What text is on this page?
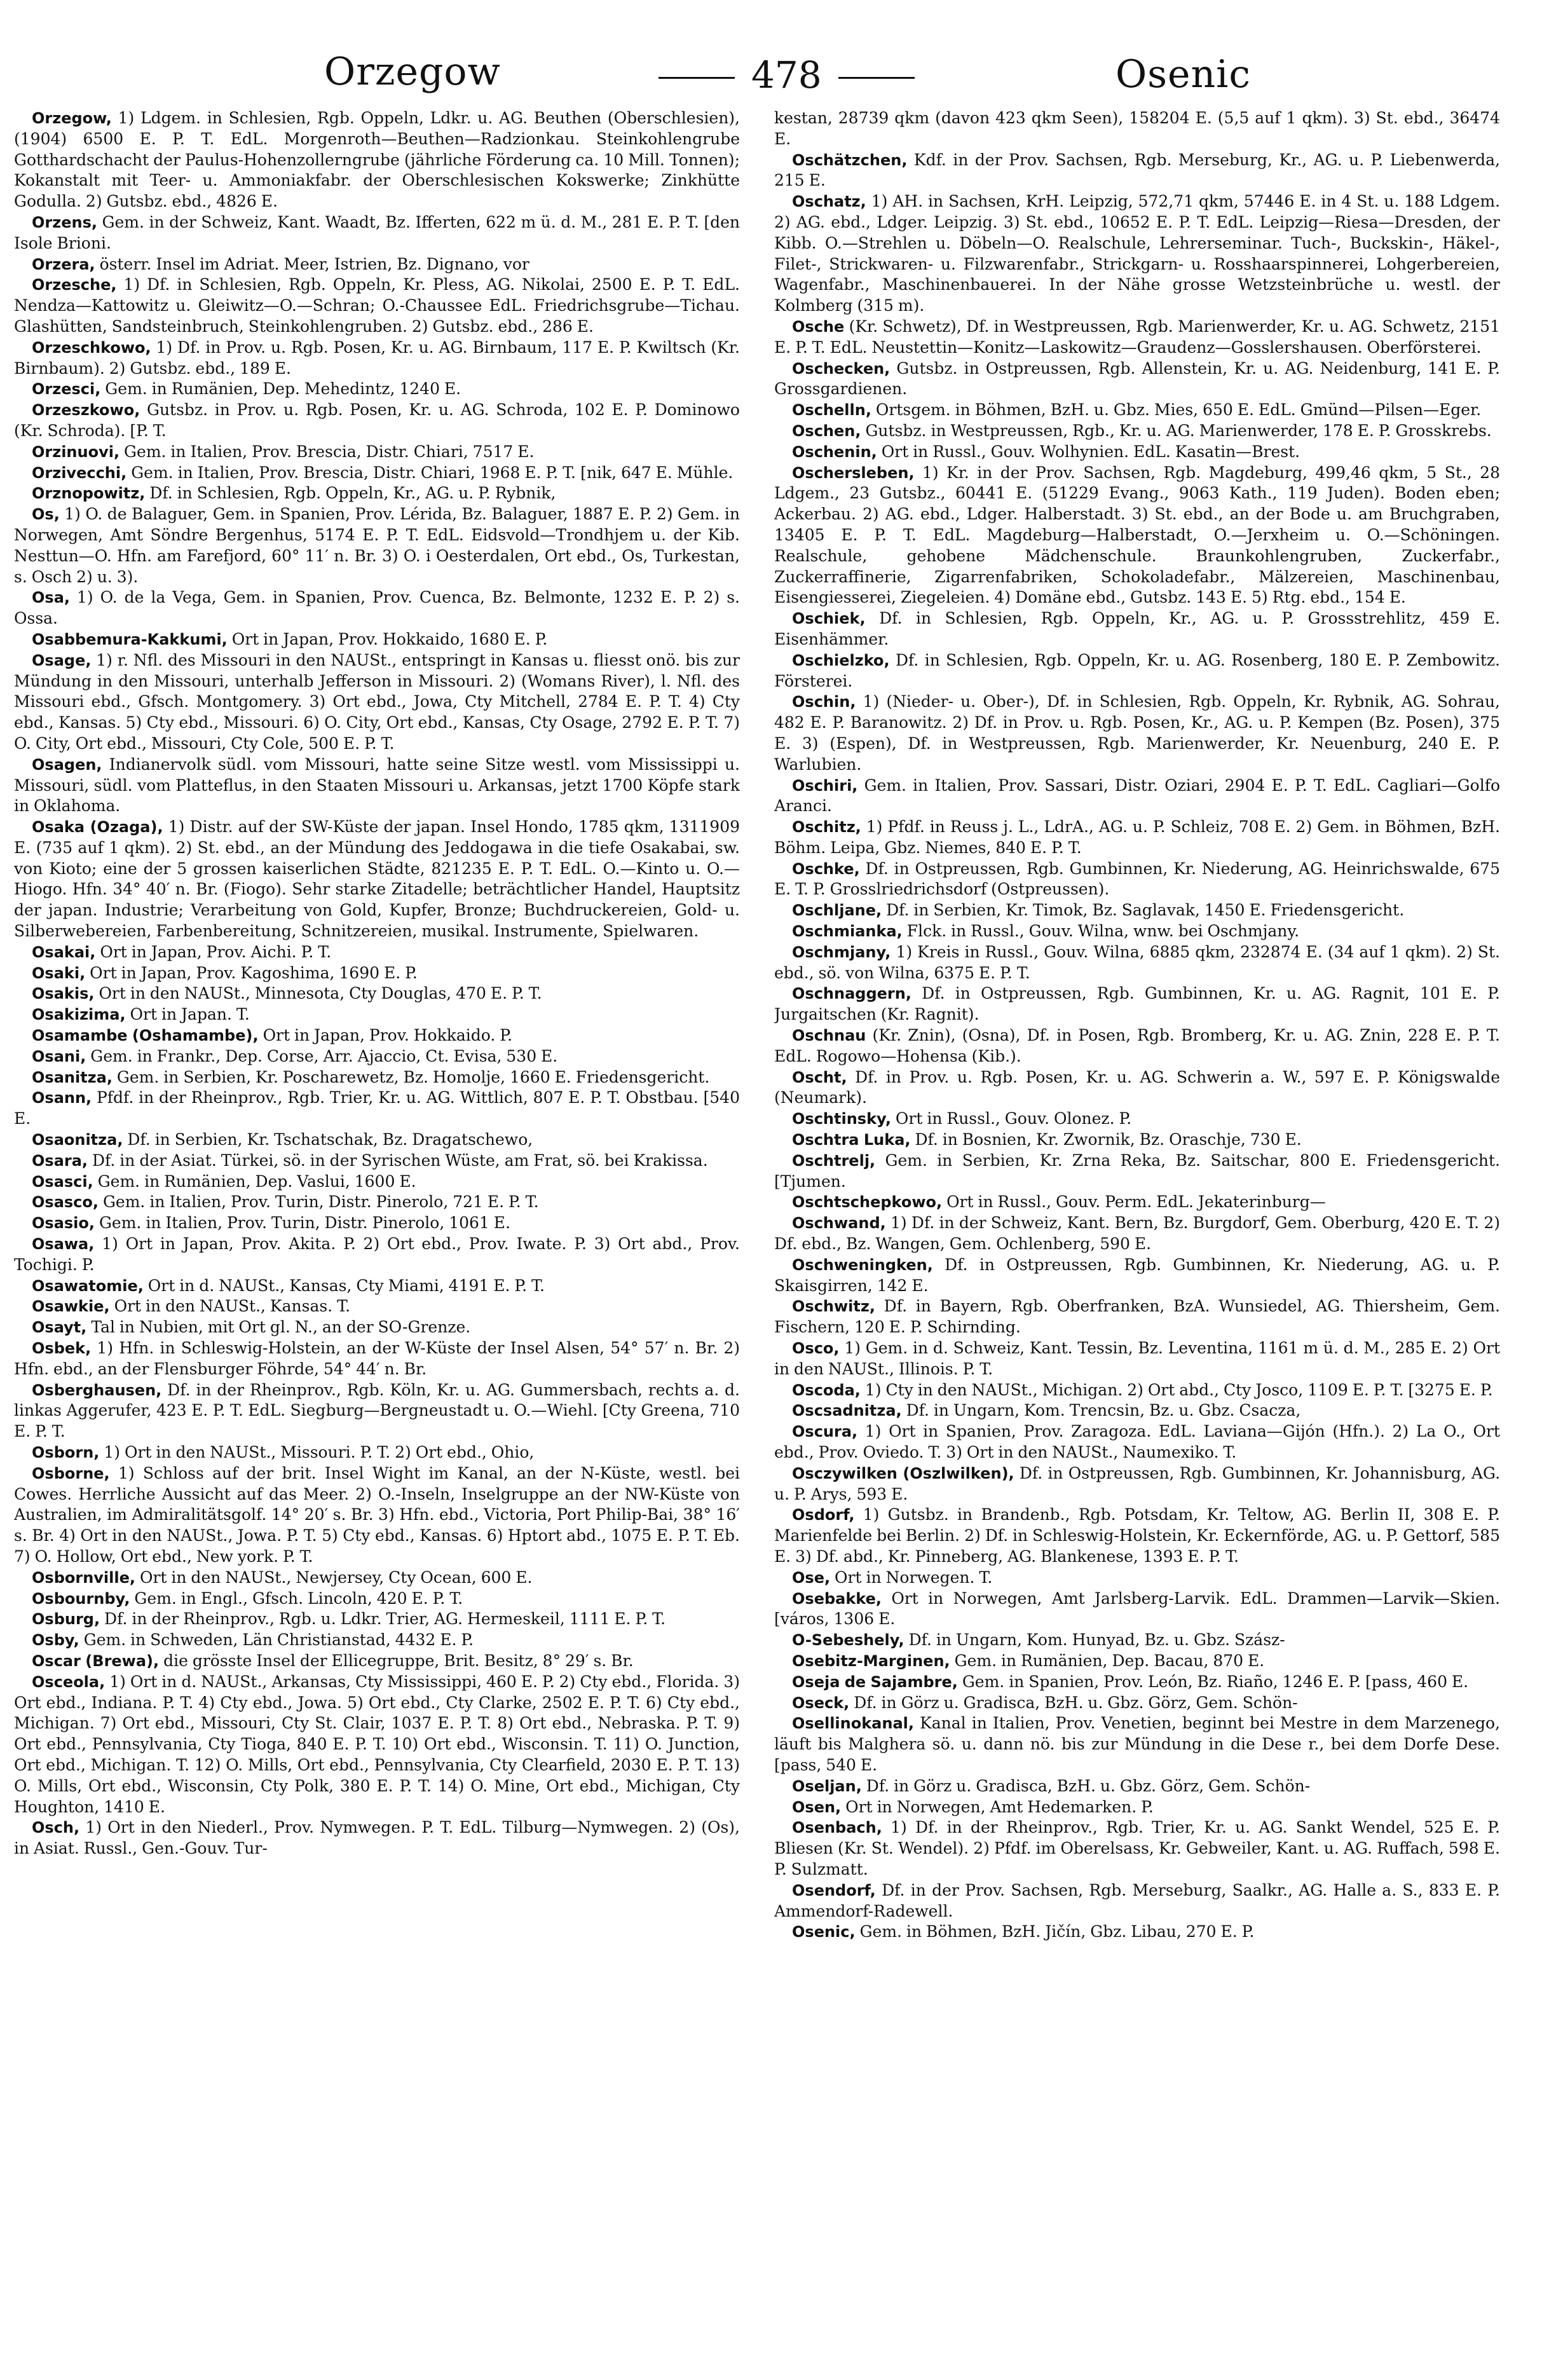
Orzegow	478	Osenic

Orzegow, 1) Ldgem. in Schlesien, Rgb. Oppeln, Ldkr. u. AG. Beuthen (Oberschlesien), (1904) 6500 E. P. T. EdL. Morgenroth—Beuthen—Radzionkau. Steinkohlengrube Gotthardschacht der Paulus-Hohenzollerngrube (jährliche Förderung ca. 10 Mill. Tonnen); Kokanstalt mit Teer- u. Ammoniakfabr. der Oberschlesischen Kokswerke; Zinkhütte Godulla. 2) Gutsbz. ebd., 4826 E.

Orzens, Gem. in der Schweiz, Kant. Waadt, Bz. Ifferten, 622 m ü. d. M., 281 E. P. T. [den Isole Brioni.

Orzera, österr. Insel im Adriat. Meer, Istrien, Bz. Dignano, vor

Orzesche, 1) Df. in Schlesien, Rgb. Oppeln, Kr. Pless, AG. Nikolai, 2500 E. P. T. EdL. Nendza—Kattowitz u. Gleiwitz—O.—Schran; O.-Chaussee EdL. Friedrichsgrube—Tichau. Glashütten, Sandsteinbruch, Steinkohlengruben. 2) Gutsbz. ebd., 286 E.

Orzeschkowo, 1) Df. in Prov. u. Rgb. Posen, Kr. u. AG. Birnbaum, 117 E. P. Kwiltsch (Kr. Birnbaum). 2) Gutsbz. ebd., 189 E.

Orzesci, Gem. in Rumänien, Dep. Mehedintz, 1240 E.

Orzeszkowo, Gutsbz. in Prov. u. Rgb. Posen, Kr. u. AG. Schroda, 102 E. P. Dominowo (Kr. Schroda). [P. T.

Orzinuovi, Gem. in Italien, Prov. Brescia, Distr. Chiari, 7517 E.

Orzivecchi, Gem. in Italien, Prov. Brescia, Distr. Chiari, 1968 E. P. T. [nik, 647 E. Mühle.

Orznopowitz, Df. in Schlesien, Rgb. Oppeln, Kr., AG. u. P. Rybnik,

Os, 1) O. de Balaguer, Gem. in Spanien, Prov. Lérida, Bz. Balaguer, 1887 E. P. 2) Gem. in Norwegen, Amt Söndre Bergenhus, 5174 E. P. T. EdL. Eidsvold—Trondhjem u. der Kib. Nesttun—O. Hfn. am Farefjord, 60° 11′ n. Br. 3) O. i Oesterdalen, Ort ebd., Os, Turkestan, s. Osch 2) u. 3).

Osa, 1) O. de la Vega, Gem. in Spanien, Prov. Cuenca, Bz. Belmonte, 1232 E. P. 2) s. Ossa.

Osabbemura-Kakkumi, Ort in Japan, Prov. Hokkaido, 1680 E. P.

Osage, 1) r. Nfl. des Missouri in den NAUSt., entspringt in Kansas u. fliesst onö. bis zur Mündung in den Missouri, unterhalb Jefferson in Missouri. 2) (Womans River), l. Nfl. des Missouri ebd., Gfsch. Montgomery. 3) Ort ebd., Jowa, Cty Mitchell, 2784 E. P. T. 4) Cty ebd., Kansas. 5) Cty ebd., Missouri. 6) O. City, Ort ebd., Kansas, Cty Osage, 2792 E. P. T. 7) O. City, Ort ebd., Missouri, Cty Cole, 500 E. P. T.

Osagen, Indianervolk südl. vom Missouri, hatte seine Sitze westl. vom Mississippi u. Missouri, südl. vom Platteflus, in den Staaten Missouri u. Arkansas, jetzt 1700 Köpfe stark in Oklahoma.

Osaka (Ozaga), 1) Distr. auf der SW-Küste der japan. Insel Hondo, 1785 qkm, 1311909 E. (735 auf 1 qkm). 2) St. ebd., an der Mündung des Jeddogawa in die tiefe Osakabai, sw. von Kioto; eine der 5 grossen kaiserlichen Städte, 821235 E. P. T. EdL. O.—Kinto u. O.—Hiogo. Hfn. 34° 40′ n. Br. (Fiogo). Sehr starke Zitadelle; beträchtlicher Handel, Hauptsitz der japan. Industrie; Verarbeitung von Gold, Kupfer, Bronze; Buchdruckereien, Gold- u. Silberwebereien, Farbenbereitung, Schnitzereien, musikal. Instrumente, Spielwaren.

Osakai, Ort in Japan, Prov. Aichi. P. T.

Osaki, Ort in Japan, Prov. Kagoshima, 1690 E. P.

Osakis, Ort in den NAUSt., Minnesota, Cty Douglas, 470 E. P. T.

Osakizima, Ort in Japan. T.

Osamambe (Oshamambe), Ort in Japan, Prov. Hokkaido. P.

Osani, Gem. in Frankr., Dep. Corse, Arr. Ajaccio, Ct. Evisa, 530 E.

Osanitza, Gem. in Serbien, Kr. Poscharewetz, Bz. Homolje, 1660 E. Friedensgericht.

Osann, Pfdf. in der Rheinprov., Rgb. Trier, Kr. u. AG. Wittlich, 807 E. P. T. Obstbau. [540 E.

Osaonitza, Df. in Serbien, Kr. Tschatschak, Bz. Dragatschewo,

Osara, Df. in der Asiat. Türkei, sö. in der Syrischen Wüste, am Frat, sö. bei Krakissa.

Osasci, Gem. in Rumänien, Dep. Vaslui, 1600 E.

Osasco, Gem. in Italien, Prov. Turin, Distr. Pinerolo, 721 E. P. T.

Osasio, Gem. in Italien, Prov. Turin, Distr. Pinerolo, 1061 E.

Osawa, 1) Ort in Japan, Prov. Akita. P. 2) Ort ebd., Prov. Iwate. P. 3) Ort abd., Prov. Tochigi. P.

Osawatomie, Ort in d. NAUSt., Kansas, Cty Miami, 4191 E. P. T.

Osawkie, Ort in den NAUSt., Kansas. T.

Osayt, Tal in Nubien, mit Ort gl. N., an der SO-Grenze.

Osbek, 1) Hfn. in Schleswig-Holstein, an der W-Küste der Insel Alsen, 54° 57′ n. Br. 2) Hfn. ebd., an der Flensburger Föhrde, 54° 44′ n. Br.

Osberghausen, Df. in der Rheinprov., Rgb. Köln, Kr. u. AG. Gummersbach, rechts a. d. linkas Aggerufer, 423 E. P. T. EdL. Siegburg—Bergneustadt u. O.—Wiehl. [Cty Greena, 710 E. P. T.

Osborn, 1) Ort in den NAUSt., Missouri. P. T. 2) Ort ebd., Ohio,

Osborne, 1) Schloss auf der brit. Insel Wight im Kanal, an der N-Küste, westl. bei Cowes. Herrliche Aussicht auf das Meer. 2) O.-Inseln, Inselgruppe an der NW-Küste von Australien, im Admiralitätsgolf. 14° 20′ s. Br. 3) Hfn. ebd., Victoria, Port Philip-Bai, 38° 16′ s. Br. 4) Ort in den NAUSt., Jowa. P. T. 5) Cty ebd., Kansas. 6) Hptort abd., 1075 E. P. T. Eb. 7) O. Hollow, Ort ebd., New york. P. T.

Osbornville, Ort in den NAUSt., Newjersey, Cty Ocean, 600 E.

Osbournby, Gem. in Engl., Gfsch. Lincoln, 420 E. P. T.

Osburg, Df. in der Rheinprov., Rgb. u. Ldkr. Trier, AG. Hermeskeil, 1111 E. P. T.

Osby, Gem. in Schweden, Län Christianstad, 4432 E. P.

Oscar (Brewa), die grösste Insel der Ellicegruppe, Brit. Besitz, 8° 29′ s. Br.

Osceola, 1) Ort in d. NAUSt., Arkansas, Cty Mississippi, 460 E. P. 2) Cty ebd., Florida. 3) Ort ebd., Indiana. P. T. 4) Cty ebd., Jowa. 5) Ort ebd., Cty Clarke, 2502 E. P. T. 6) Cty ebd., Michigan. 7) Ort ebd., Missouri, Cty St. Clair, 1037 E. P. T. 8) Ort ebd., Nebraska. P. T. 9) Ort ebd., Pennsylvania, Cty Tioga, 840 E. P. T. 10) Ort ebd., Wisconsin. T. 11) O. Junction, Ort ebd., Michigan. T. 12) O. Mills, Ort ebd., Pennsylvania, Cty Clearfield, 2030 E. P. T. 13) O. Mills, Ort ebd., Wisconsin, Cty Polk, 380 E. P. T. 14) O. Mine, Ort ebd., Michigan, Cty Houghton, 1410 E.

Osch, 1) Ort in den Niederl., Prov. Nymwegen. P. T. EdL. Tilburg—Nymwegen. 2) (Os), in Asiat. Russl., Gen.-Gouv. Tur-

kestan, 28739 qkm (davon 423 qkm Seen), 158204 E. (5,5 auf 1 qkm). 3) St. ebd., 36474 E.

Oschätzchen, Kdf. in der Prov. Sachsen, Rgb. Merseburg, Kr., AG. u. P. Liebenwerda, 215 E.

Oschatz, 1) AH. in Sachsen, KrH. Leipzig, 572,71 qkm, 57446 E. in 4 St. u. 188 Ldgem. 2) AG. ebd., Ldger. Leipzig. 3) St. ebd., 10652 E. P. T. EdL. Leipzig—Riesa—Dresden, der Kibb. O.—Strehlen u. Döbeln—O. Realschule, Lehrerseminar. Tuch-, Buckskin-, Häkel-, Filet-, Strickwaren- u. Filzwarenfabr., Strickgarn- u. Rosshaarspinnerei, Lohgerbereien, Wagenfabr., Maschinenbauerei. In der Nähe grosse Wetzsteinbrüche u. westl. der Kolmberg (315 m).

Osche (Kr. Schwetz), Df. in Westpreussen, Rgb. Marienwerder, Kr. u. AG. Schwetz, 2151 E. P. T. EdL. Neustettin—Konitz—Laskowitz—Graudenz—Gosslershausen. Oberförsterei.

Oschecken, Gutsbz. in Ostpreussen, Rgb. Allenstein, Kr. u. AG. Neidenburg, 141 E. P. Grossgardienen.

Oschelln, Ortsgem. in Böhmen, BzH. u. Gbz. Mies, 650 E. EdL. Gmünd—Pilsen—Eger.

Oschen, Gutsbz. in Westpreussen, Rgb., Kr. u. AG. Marienwerder, 178 E. P. Grosskrebs.

Oschenin, Ort in Russl., Gouv. Wolhynien. EdL. Kasatin—Brest.

Oschersleben, 1) Kr. in der Prov. Sachsen, Rgb. Magdeburg, 499,46 qkm, 5 St., 28 Ldgem., 23 Gutsbz., 60441 E. (51229 Evang., 9063 Kath., 119 Juden). Boden eben; Ackerbau. 2) AG. ebd., Ldger. Halberstadt. 3) St. ebd., an der Bode u. am Bruchgraben, 13405 E. P. T. EdL. Magdeburg—Halberstadt, O.—Jerxheim u. O.—Schöningen. Realschule, gehobene Mädchenschule. Braunkohlengruben, Zuckerfabr., Zuckerraffinerie, Zigarrenfabriken, Schokoladefabr., Mälzereien, Maschinenbau, Eisengiesserei, Ziegeleien. 4) Domäne ebd., Gutsbz. 143 E. 5) Rtg. ebd., 154 E.

Oschiek, Df. in Schlesien, Rgb. Oppeln, Kr., AG. u. P. Grossstrehlitz, 459 E. Eisenhämmer.

Oschielzko, Df. in Schlesien, Rgb. Oppeln, Kr. u. AG. Rosenberg, 180 E. P. Zembowitz. Försterei.

Oschin, 1) (Nieder- u. Ober-), Df. in Schlesien, Rgb. Oppeln, Kr. Rybnik, AG. Sohrau, 482 E. P. Baranowitz. 2) Df. in Prov. u. Rgb. Posen, Kr., AG. u. P. Kempen (Bz. Posen), 375 E. 3) (Espen), Df. in Westpreussen, Rgb. Marienwerder, Kr. Neuenburg, 240 E. P. Warlubien.

Oschiri, Gem. in Italien, Prov. Sassari, Distr. Oziari, 2904 E. P. T. EdL. Cagliari—Golfo Aranci.

Oschitz, 1) Pfdf. in Reuss j. L., LdrA., AG. u. P. Schleiz, 708 E. 2) Gem. in Böhmen, BzH. Böhm. Leipa, Gbz. Niemes, 840 E. P. T.

Oschke, Df. in Ostpreussen, Rgb. Gumbinnen, Kr. Niederung, AG. Heinrichswalde, 675 E. T. P. Grosslriedrichsdorf (Ostpreussen).

Oschljane, Df. in Serbien, Kr. Timok, Bz. Saglavak, 1450 E. Friedensgericht.

Oschmianka, Flck. in Russl., Gouv. Wilna, wnw. bei Oschmjany.

Oschmjany, 1) Kreis in Russl., Gouv. Wilna, 6885 qkm, 232874 E. (34 auf 1 qkm). 2) St. ebd., sö. von Wilna, 6375 E. P. T.

Oschnaggern, Df. in Ostpreussen, Rgb. Gumbinnen, Kr. u. AG. Ragnit, 101 E. P. Jurgaitschen (Kr. Ragnit).

Oschnau (Kr. Znin), (Osna), Df. in Posen, Rgb. Bromberg, Kr. u. AG. Znin, 228 E. P. T. EdL. Rogowo—Hohensa (Kib.).

Oscht, Df. in Prov. u. Rgb. Posen, Kr. u. AG. Schwerin a. W., 597 E. P. Königswalde (Neumark).

Oschtinsky, Ort in Russl., Gouv. Olonez. P.

Oschtra Luka, Df. in Bosnien, Kr. Zwornik, Bz. Oraschje, 730 E.

Oschtrelj, Gem. in Serbien, Kr. Zrna Reka, Bz. Saitschar, 800 E. Friedensgericht. [Tjumen.

Oschtschepkowo, Ort in Russl., Gouv. Perm. EdL. Jekaterinburg—

Oschwand, 1) Df. in der Schweiz, Kant. Bern, Bz. Burgdorf, Gem. Oberburg, 420 E. T. 2) Df. ebd., Bz. Wangen, Gem. Ochlenberg, 590 E.

Oschweningken, Df. in Ostpreussen, Rgb. Gumbinnen, Kr. Niederung, AG. u. P. Skaisgirren, 142 E.

Oschwitz, Df. in Bayern, Rgb. Oberfranken, BzA. Wunsiedel, AG. Thiersheim, Gem. Fischern, 120 E. P. Schirnding.

Osco, 1) Gem. in d. Schweiz, Kant. Tessin, Bz. Leventina, 1161 m ü. d. M., 285 E. 2) Ort in den NAUSt., Illinois. P. T.

Oscoda, 1) Cty in den NAUSt., Michigan. 2) Ort abd., Cty Josco, 1109 E. P. T. [3275 E. P.

Oscsadnitza, Df. in Ungarn, Kom. Trencsin, Bz. u. Gbz. Csacza,

Oscura, 1) Ort in Spanien, Prov. Zaragoza. EdL. Laviana—Gijón (Hfn.). 2) La O., Ort ebd., Prov. Oviedo. T. 3) Ort in den NAUSt., Naumexiko. T.

Osczywilken (Oszlwilken), Df. in Ostpreussen, Rgb. Gumbinnen, Kr. Johannisburg, AG. u. P. Arys, 593 E.

Osdorf, 1) Gutsbz. in Brandenb., Rgb. Potsdam, Kr. Teltow, AG. Berlin II, 308 E. P. Marienfelde bei Berlin. 2) Df. in Schleswig-Holstein, Kr. Eckernförde, AG. u. P. Gettorf, 585 E. 3) Df. abd., Kr. Pinneberg, AG. Blankenese, 1393 E. P. T.

Ose, Ort in Norwegen. T.

Osebakke, Ort in Norwegen, Amt Jarlsberg-Larvik. EdL. Drammen—Larvik—Skien. [város, 1306 E.

O-Sebeshely, Df. in Ungarn, Kom. Hunyad, Bz. u. Gbz. Szász-

Osebitz-Marginen, Gem. in Rumänien, Dep. Bacau, 870 E.

Oseja de Sajambre, Gem. in Spanien, Prov. León, Bz. Riaño, 1246 E. P. [pass, 460 E.

Oseck, Df. in Görz u. Gradisca, BzH. u. Gbz. Görz, Gem. Schön-

Osellinokanal, Kanal in Italien, Prov. Venetien, beginnt bei Mestre in dem Marzenego, läuft bis Malghera sö. u. dann nö. bis zur Mündung in die Dese r., bei dem Dorfe Dese. [pass, 540 E.

Oseljan, Df. in Görz u. Gradisca, BzH. u. Gbz. Görz, Gem. Schön-

Osen, Ort in Norwegen, Amt Hedemarken. P.

Osenbach, 1) Df. in der Rheinprov., Rgb. Trier, Kr. u. AG. Sankt Wendel, 525 E. P. Bliesen (Kr. St. Wendel). 2) Pfdf. im Oberelsass, Kr. Gebweiler, Kant. u. AG. Ruffach, 598 E. P. Sulzmatt.

Osendorf, Df. in der Prov. Sachsen, Rgb. Merseburg, Saalkr., AG. Halle a. S., 833 E. P. Ammendorf-Radewell.

Osenic, Gem. in Böhmen, BzH. Jičín, Gbz. Libau, 270 E. P.
